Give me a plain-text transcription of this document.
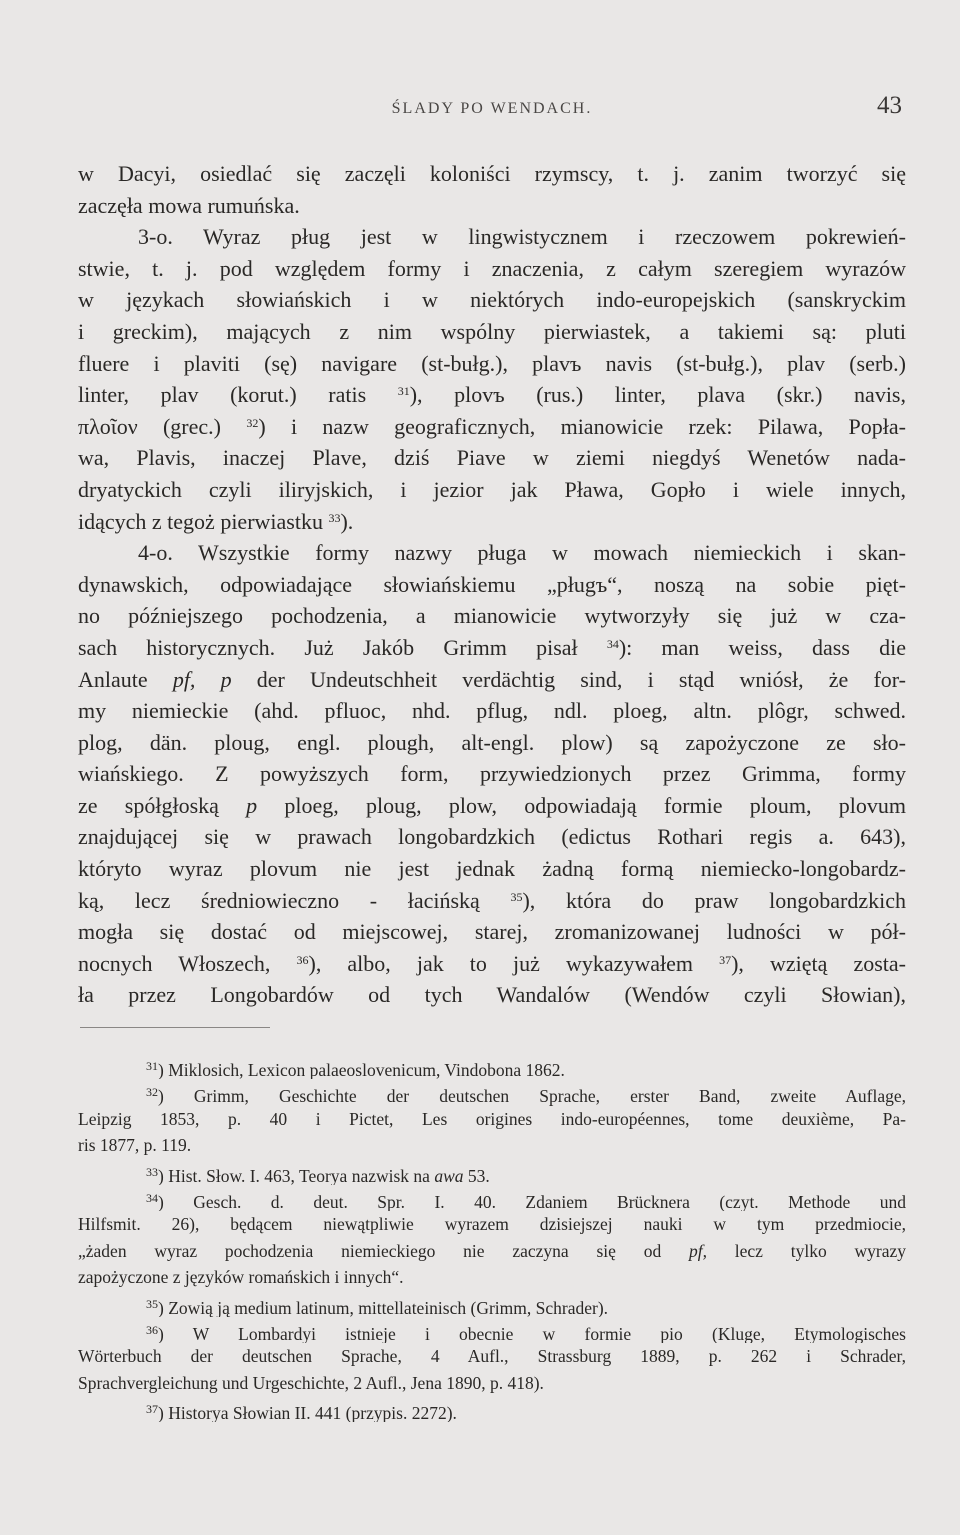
ŚLADY PO WENDACH.	43
w Dacyi, osiedlać się zaczęli koloniści rzymscy, t. j. zanim tworzyć się
zaczęła mowa rumuńska.
3-o. Wyraz pług jest w lingwistycznem i rzeczowem pokrewień-
stwie, t. j. pod względem formy i znaczenia, z całym szeregiem wyrazów
w językach słowiańskich i w niektórych indo-europejskich (sanskryckim
i greckim), mających z nim wspólny pierwiastek, a takiemi są: pluti
fluere i plaviti (sę) navigare (st-bułg.), plavъ navis (st-bułg.), plav (serb.)
linter, plav (korut.) ratis $^{31}$), plovъ (rus.) linter, plava (skr.) navis,
πλοῖον (grec.) $^{32}$) i nazw geograficznych, mianowicie rzek: Pilawa, Popła-
wa, Plavis, inaczej Plave, dziś Piave w ziemi niegdyś Wenetów nada-
dryatyckich czyli iliryjskich, i jezior jak Pława, Gopło i wiele innych,
idących z tegoż pierwiastku $^{33}$).
4-o. Wszystkie formy nazwy pługa w mowach niemieckich i skan-
dynawskich, odpowiadające słowiańskiemu „pługъ“, noszą na sobie pięt-
no późniejszego pochodzenia, a mianowicie wytworzyły się już w cza-
sach historycznych. Już Jakób Grimm pisał $^{34}$): man weiss, dass die
Anlaute pf, p der Undeutschheit verdächtig sind, i stąd wniósł, że for-
my niemieckie (ahd. pfluoc, nhd. pflug, ndl. ploeg, altn. plôgr, schwed.
plog, dän. ploug, engl. plough, alt-engl. plow) są zapożyczone ze sło-
wiańskiego. Z powyższych form, przywiedzionych przez Grimma, formy
ze spółgłoską p ploeg, ploug, plow, odpowiadają formie ploum, plovum
znajdującej się w prawach longobardzkich (edictus Rothari regis a. 643),
którytо wyraz plovum nie jest jednak żadną formą niemiecko-longobardz-
ką, lecz średniowieczno - łacińską $^{35}$), która do praw longobardzkich
mogła się dostać od miejscowej, starej, zromanizowanej ludności w pół-
nocnych Włoszech, $^{36}$), albo, jak to już wykazywałem $^{37}$), wziętą zosta-
ła przez Longobardów od tych Wandalów (Wendów czyli Słowian),
$^{31}$) Miklosich, Lexicon palaeoslovenicum, Vindobona 1862.
$^{32}$) Grimm, Geschichte der deutschen Sprache, erster Band, zweite Auflage,
Leipzig 1853, p. 40 i Pictet, Les origines indo-européennes, tome deuxième, Pa-
ris 1877, p. 119.
$^{33}$) Hist. Słow. I. 463, Teorya nazwisk na awa 53.
$^{34}$) Gesch. d. deut. Spr. I. 40. Zdaniem Brücknera (czyt. Methode und
Hilfsmit. 26), będącem niewątpliwie wyrazem dzisiejszej nauki w tym przedmiocie,
„żaden wyraz pochodzenia niemieckiego nie zaczyna się od pf, lecz tylko wyrazy
zapożyczone z języków romańskich i innych“.
$^{35}$) Zowią ją medium latinum, mittellateinisch (Grimm, Schrader).
$^{36}$) W Lombardyi istnieje i obecnie w formie pio (Kluge, Etymologisches
Wörterbuch der deutschen Sprache, 4 Aufl., Strassburg 1889, p. 262 i Schrader,
Sprachvergleichung und Urgeschichte, 2 Aufl., Jena 1890, p. 418).
$^{37}$) Historya Słowian II. 441 (przypis. 2272).
